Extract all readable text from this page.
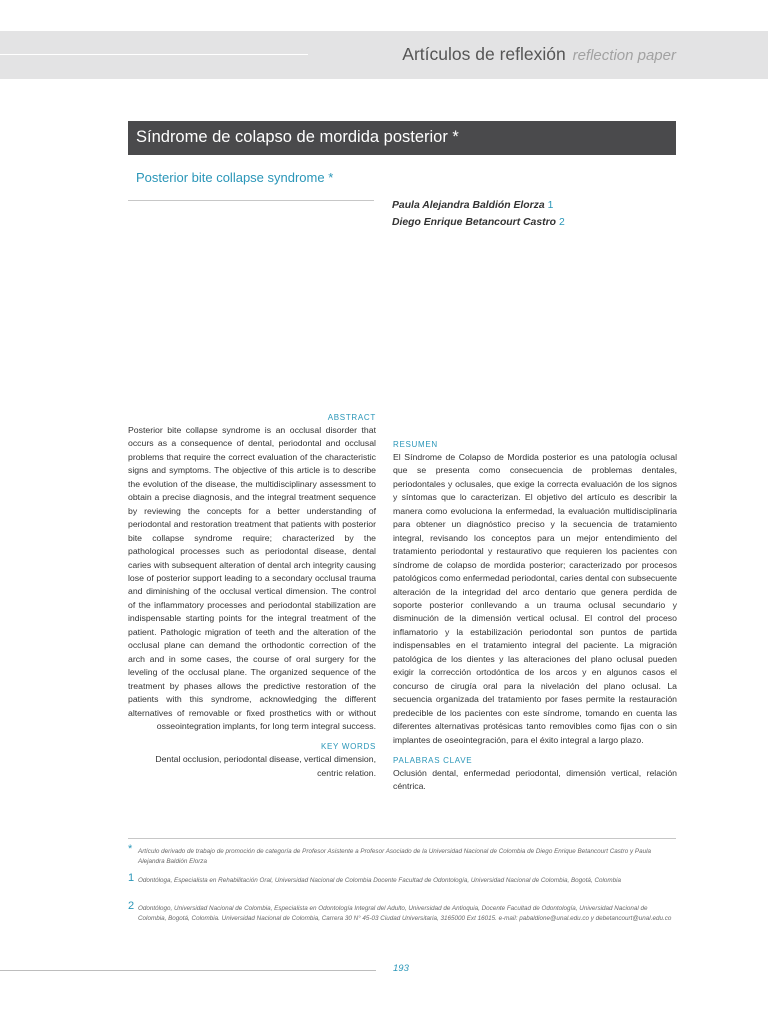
Artículos de reflexión reflection paper
Síndrome de colapso de mordida posterior *
Posterior bite collapse syndrome *
Paula Alejandra Baldión Elorza 1
Diego Enrique Betancourt Castro 2
ABSTRACT
Posterior bite collapse syndrome is an occlusal disorder that occurs as a consequence of dental, periodontal and occlusal problems that require the correct evaluation of the characteristic signs and symptoms. The objective of this article is to describe the evolution of the disease, the multidisciplinary assessment to obtain a precise diagnosis, and the integral treatment sequence by reviewing the concepts for a better understanding of periodontal and restoration treatment that patients with posterior bite collapse syndrome require; characterized by the pathological processes such as periodontal disease, dental caries with subsequent alteration of dental arch integrity causing lose of posterior support leading to a secondary occlusal trauma and diminishing of the occlusal vertical dimension. The control of the inflammatory processes and periodontal stabilization are indispensable starting points for the integral treatment of the patient. Pathologic migration of teeth and the alteration of the occlusal plane can demand the orthodontic correction of the arch and in some cases, the course of oral surgery for the leveling of the occlusal plane. The organized sequence of the treatment by phases allows the predictive restoration of the patients with this syndrome, acknowledging the different alternatives of removable or fixed prosthetics with or without osseointegration implants, for long term integral success.
KEY WORDS
Dental occlusion, periodontal disease, vertical dimension, centric relation.
RESUMEN
El Síndrome de Colapso de Mordida posterior es una patología oclusal que se presenta como consecuencia de problemas dentales, periodontales y oclusales, que exige la correcta evaluación de los signos y síntomas que lo caracterizan. El objetivo del artículo es describir la manera como evoluciona la enfermedad, la evaluación multidisciplinaria para obtener un diagnóstico preciso y la secuencia de tratamiento integral, revisando los conceptos para un mejor entendimiento del tratamiento periodontal y restaurativo que requieren los pacientes con síndrome de colapso de mordida posterior; caracterizado por procesos patológicos como enfermedad periodontal, caries dental con subsecuente alteración de la integridad del arco dentario que genera perdida de soporte posterior conllevando a un trauma oclusal secundario y disminución de la dimensión vertical oclusal. El control del proceso inflamatorio y la estabilización periodontal son puntos de partida indispensables en el tratamiento integral del paciente. La migración patológica de los dientes y las alteraciones del plano oclusal pueden exigir la corrección ortodóntica de los arcos y en algunos casos el concurso de cirugía oral para la nivelación del plano oclusal. La secuencia organizada del tratamiento por fases permite la restauración predecible de los pacientes con este síndrome, tomando en cuenta las diferentes alternativas protésicas tanto removibles como fijas con o sin implantes de oseointegración, para el éxito integral a largo plazo.
PALABRAS CLAVE
Oclusión dental, enfermedad periodontal, dimensión vertical, relación céntrica.
* Artículo derivado de trabajo de promoción de categoría de Profesor Asistente a Profesor Asociado de la Universidad Nacional de Colombia de Diego Enrique Betancourt Castro y Paula Alejandra Baldión Elorza
1 Odontóloga, Especialista en Rehabilitación Oral, Universidad Nacional de Colombia Docente Facultad de Odontología, Universidad Nacional de Colombia, Bogotá, Colombia
2 Odontólogo, Universidad Nacional de Colombia, Especialista en Odontología Integral del Adulto, Universidad de Antioquia, Docente Facultad de Odontología, Universidad Nacional de Colombia, Bogotá, Colombia. Universidad Nacional de Colombia, Carrera 30 N° 45-03 Ciudad Universitaria, 3165000 Ext 16015. e-mail: pabaldione@unal.edu.co y debetancourt@unal.edu.co
193
